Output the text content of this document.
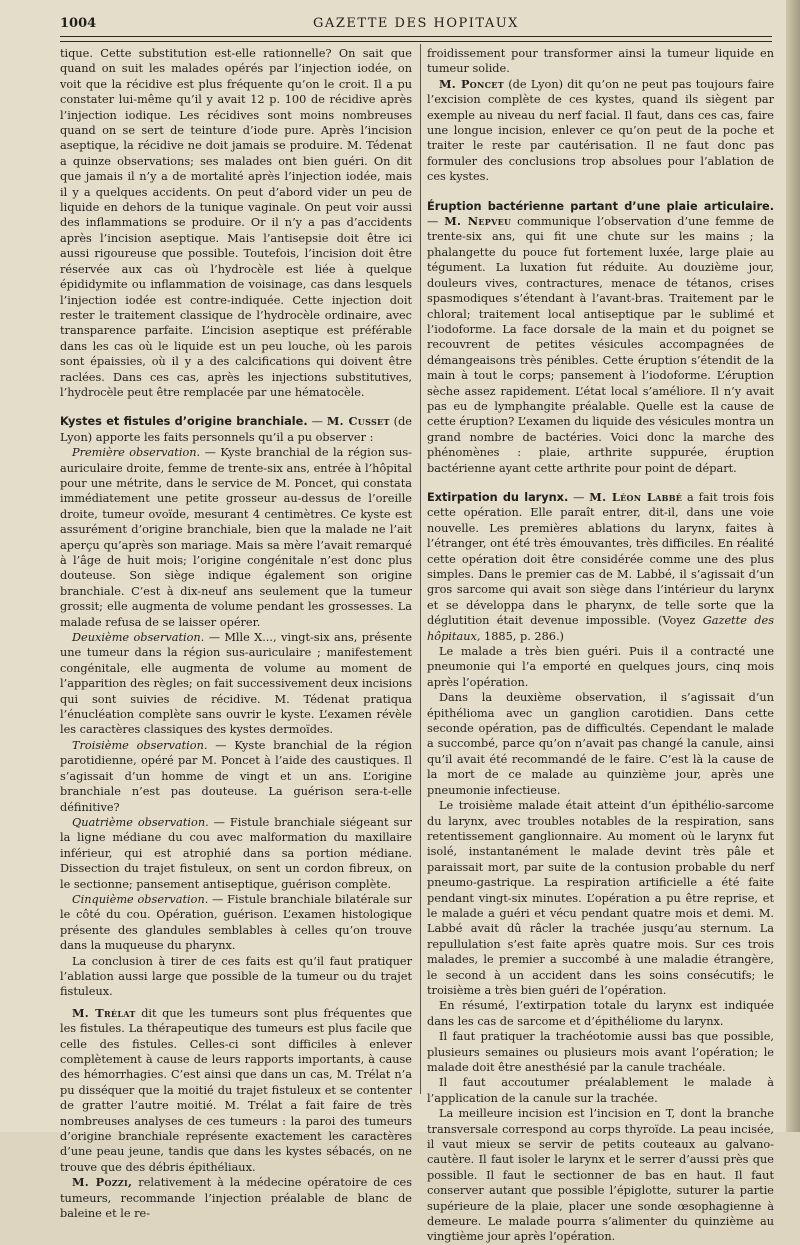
1004	GAZETTE DES HOPITAUX

tique. Cette substitution est-elle rationnelle? On sait que quand on suit les malades opérés par l’injection iodée, on voit que la récidive est plus fréquente qu’on le croit. Il a pu constater lui-même qu’il y avait 12 p. 100 de récidive après l’injection iodique. Les récidives sont moins nombreuses quand on se sert de teinture d’iode pure. Après l’incision aseptique, la récidive ne doit jamais se produire. M. Tédenat a quinze observations; ses malades ont bien guéri. On dit que jamais il n’y a de mortalité après l’injection iodée, mais il y a quelques accidents. On peut d’abord vider un peu de liquide en dehors de la tunique vaginale. On peut voir aussi des inflammations se produire. Or il n’y a pas d’accidents après l’incision aseptique. Mais l’antisepsie doit être ici aussi rigoureuse que possible. Toutefois, l’incision doit être réservée aux cas où l’hydrocèle est liée à quelque épididymite ou inflammation de voisinage, cas dans lesquels l’injection iodée est contre-indiquée. Cette injection doit rester le traitement classique de l’hydrocèle ordinaire, avec transparence parfaite. L’incision aseptique est préférable dans les cas où le liquide est un peu louche, où les parois sont épaissies, où il y a des calcifications qui doivent être raclées. Dans ces cas, après les injections substitutives, l’hydrocèle peut être remplacée par une hématocèle.

Kystes et fistules d’origine branchiale. — M. Cusset (de Lyon) apporte les faits personnels qu’il a pu observer :

Première observation. — Kyste branchial de la région sus-auriculaire droite, femme de trente-six ans, entrée à l’hôpital pour une métrite, dans le service de M. Poncet, qui constata immédiatement une petite grosseur au-dessus de l’oreille droite, tumeur ovoïde, mesurant 4 centimètres. Ce kyste est assurément d’origine branchiale, bien que la malade ne l’ait aperçu qu’après son mariage. Mais sa mère l’avait remarqué à l’âge de huit mois; l’origine congénitale n’est donc plus douteuse. Son siège indique également son origine branchiale. C’est à dix-neuf ans seulement que la tumeur grossit; elle augmenta de volume pendant les grossesses. La malade refusa de se laisser opérer.

Deuxième observation. — Mlle X..., vingt-six ans, présente une tumeur dans la région sus-auriculaire ; manifestement congénitale, elle augmenta de volume au moment de l’apparition des règles; on fait successivement deux incisions qui sont suivies de récidive. M. Tédenat pratiqua l’énucléation complète sans ouvrir le kyste. L’examen révèle les caractères classiques des kystes dermoïdes.

Troisième observation. — Kyste branchial de la région parotidienne, opéré par M. Poncet à l’aide des caustiques. Il s’agissait d’un homme de vingt et un ans. L’origine branchiale n’est pas douteuse. La guérison sera-t-elle définitive?

Quatrième observation. — Fistule branchiale siégeant sur la ligne médiane du cou avec malformation du maxillaire inférieur, qui est atrophié dans sa portion médiane. Dissection du trajet fistuleux, on sent un cordon fibreux, on le sectionne; pansement antiseptique, guérison complète.

Cinquième observation. — Fistule branchiale bilatérale sur le côté du cou. Opération, guérison. L’examen histologique présente des glandules semblables à celles qu’on trouve dans la muqueuse du pharynx.

La conclusion à tirer de ces faits est qu’il faut pratiquer l’ablation aussi large que possible de la tumeur ou du trajet fistuleux.

M. Trélat dit que les tumeurs sont plus fréquentes que les fistules. La thérapeutique des tumeurs est plus facile que celle des fistules. Celles-ci sont difficiles à enlever complètement à cause de leurs rapports importants, à cause des hémorrhagies. C’est ainsi que dans un cas, M. Trélat n’a pu disséquer que la moitié du trajet fistuleux et se contenter de gratter l’autre moitié. M. Trélat a fait faire de très nombreuses analyses de ces tumeurs : la paroi des tumeurs d’origine branchiale représente exactement les caractères d’une peau jeune, tandis que dans les kystes sébacés, on ne trouve que des débris épithéliaux.

M. Pozzi, relativement à la médecine opératoire de ces tumeurs, recommande l’injection préalable de blanc de baleine et le re-

froidissement pour transformer ainsi la tumeur liquide en tumeur solide.

M. Poncet (de Lyon) dit qu’on ne peut pas toujours faire l’excision complète de ces kystes, quand ils siègent par exemple au niveau du nerf facial. Il faut, dans ces cas, faire une longue incision, enlever ce qu’on peut de la poche et traiter le reste par cautérisation. Il ne faut donc pas formuler des conclusions trop absolues pour l’ablation de ces kystes.

Éruption bactérienne partant d’une plaie articulaire. — M. Nepveu communique l’observation d’une femme de trente-six ans, qui fit une chute sur les mains ; la phalangette du pouce fut fortement luxée, large plaie au tégument. La luxation fut réduite. Au douzième jour, douleurs vives, contractures, menace de tétanos, crises spasmodiques s’étendant à l’avant-bras. Traitement par le chloral; traitement local antiseptique par le sublimé et l’iodoforme. La face dorsale de la main et du poignet se recouvrent de petites vésicules accompagnées de démangeaisons très pénibles. Cette éruption s’étendit de la main à tout le corps; pansement à l’iodoforme. L’éruption sèche assez rapidement. L’état local s’améliore. Il n’y avait pas eu de lymphangite préalable. Quelle est la cause de cette éruption? L’examen du liquide des vésicules montra un grand nombre de bactéries. Voici donc la marche des phénomènes : plaie, arthrite suppurée, éruption bactérienne ayant cette arthrite pour point de départ.

Extirpation du larynx. — M. Léon Labbé a fait trois fois cette opération. Elle paraît entrer, dit-il, dans une voie nouvelle. Les premières ablations du larynx, faites à l’étranger, ont été très émouvantes, très difficiles. En réalité cette opération doit être considérée comme une des plus simples. Dans le premier cas de M. Labbé, il s’agissait d’un gros sarcome qui avait son siège dans l’intérieur du larynx et se développa dans le pharynx, de telle sorte que la déglutition était devenue impossible. (Voyez Gazette des hôpitaux, 1885, p. 286.)

Le malade a très bien guéri. Puis il a contracté une pneumonie qui l’a emporté en quelques jours, cinq mois après l’opération.

Dans la deuxième observation, il s’agissait d’un épithélioma avec un ganglion carotidien. Dans cette seconde opération, pas de difficultés. Cependant le malade a succombé, parce qu’on n’avait pas changé la canule, ainsi qu’il avait été recommandé de le faire. C’est là la cause de la mort de ce malade au quinzième jour, après une pneumonie infectieuse.

Le troisième malade était atteint d’un épithélio-sarcome du larynx, avec troubles notables de la respiration, sans retentissement ganglionnaire. Au moment où le larynx fut isolé, instantanément le malade devint très pâle et paraissait mort, par suite de la contusion probable du nerf pneumo-gastrique. La respiration artificielle a été faite pendant vingt-six minutes. L’opération a pu être reprise, et le malade a guéri et vécu pendant quatre mois et demi. M. Labbé avait dû râcler la trachée jusqu’au sternum. La repullulation s’est faite après quatre mois. Sur ces trois malades, le premier a succombé à une maladie étrangère, le second à un accident dans les soins consécutifs; le troisième a très bien guéri de l’opération.

En résumé, l’extirpation totale du larynx est indiquée dans les cas de sarcome et d’épithéliome du larynx.

Il faut pratiquer la trachéotomie aussi bas que possible, plusieurs semaines ou plusieurs mois avant l’opération; le malade doit être anesthésié par la canule trachéale.

Il faut accoutumer préalablement le malade à l’application de la canule sur la trachée.

La meilleure incision est l’incision en T, dont la branche transversale correspond au corps thyroïde. La peau incisée, il vaut mieux se servir de petits couteaux au galvano-cautère. Il faut isoler le larynx et le serrer d’aussi près que possible. Il faut le sectionner de bas en haut. Il faut conserver autant que possible l’épiglotte, suturer la partie supérieure de la plaie, placer une sonde œsophagienne à demeure. Le malade pourra s’alimenter du quinzième au vingtième jour après l’opération.
